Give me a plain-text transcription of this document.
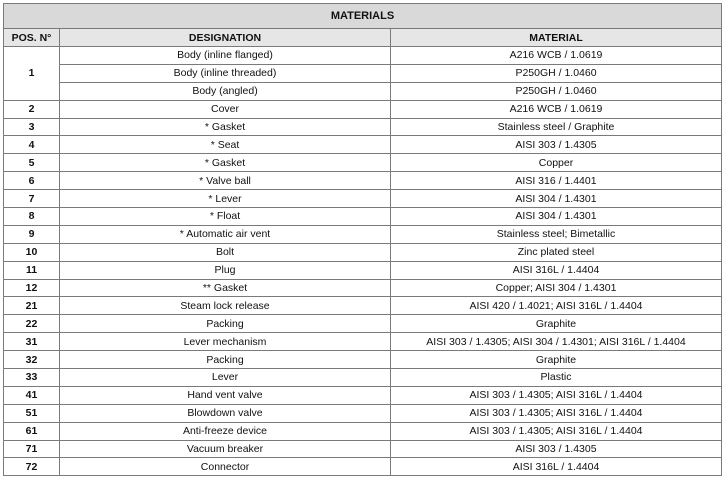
MATERIALS		
POS. N°	DESIGNATION	MATERIAL
1	Body (inline flanged)	A216 WCB / 1.0619
	Body (inline threaded)	P250GH / 1.0460
	Body (angled)	P250GH / 1.0460
2	Cover	A216 WCB / 1.0619
3	* Gasket	Stainless steel / Graphite
4	* Seat	AISI 303 / 1.4305
5	* Gasket	Copper
6	* Valve ball	AISI 316 / 1.4401
7	* Lever	AISI 304 / 1.4301
8	* Float	AISI 304 / 1.4301
9	* Automatic air vent	Stainless steel; Bimetallic
10	Bolt	Zinc plated steel
11	Plug	AISI 316L / 1.4404
12	** Gasket	Copper; AISI 304 / 1.4301
21	Steam lock release	AISI 420 / 1.4021; AISI 316L / 1.4404
22	Packing	Graphite
31	Lever mechanism	AISI 303 / 1.4305; AISI 304 / 1.4301; AISI 316L / 1.4404
32	Packing	Graphite
33	Lever	Plastic
41	Hand vent valve	AISI 303 / 1.4305; AISI 316L / 1.4404
51	Blowdown valve	AISI 303 / 1.4305; AISI 316L / 1.4404
61	Anti-freeze device	AISI 303 / 1.4305; AISI 316L / 1.4404
71	Vacuum breaker	AISI 303 / 1.4305
72	Connector	AISI 316L / 1.4404
